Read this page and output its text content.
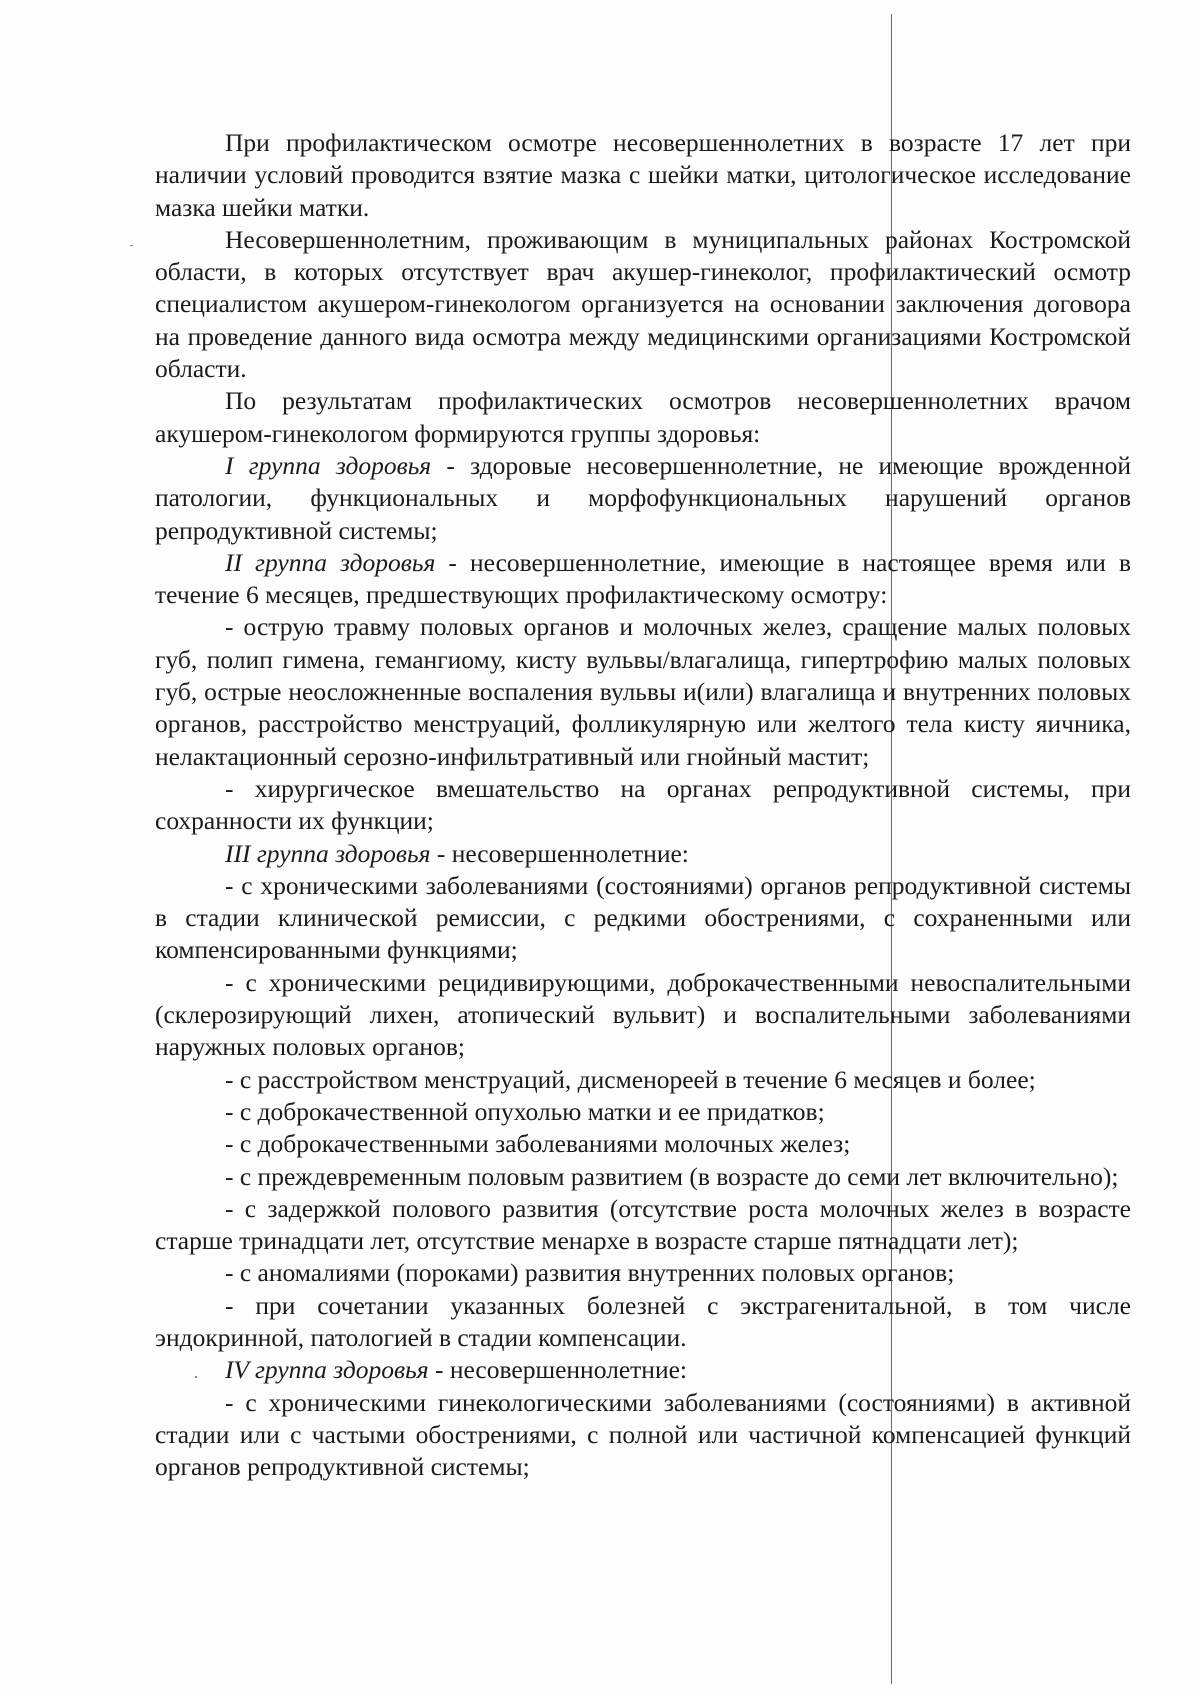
При профилактическом осмотре несовершеннолетних в возрасте 17 лет при наличии условий проводится взятие мазка с шейки матки, цитологическое исследование мазка шейки матки.

Несовершеннолетним, проживающим в муниципальных районах Костромской области, в которых отсутствует врач акушер-гинеколог, профилактический осмотр специалистом акушером-гинекологом организуется на основании заключения договора на проведение данного вида осмотра между медицинскими организациями Костромской области.

По результатам профилактических осмотров несовершеннолетних врачом акушером-гинекологом формируются группы здоровья:

I группа здоровья - здоровые несовершеннолетние, не имеющие врожденной патологии, функциональных и морфофункциональных нарушений органов репродуктивной системы;

II группа здоровья - несовершеннолетние, имеющие в настоящее время или в течение 6 месяцев, предшествующих профилактическому осмотру:

- острую травму половых органов и молочных желез, сращение малых половых губ, полип гимена, гемангиому, кисту вульвы/влагалища, гипертрофию малых половых губ, острые неосложненные воспаления вульвы и(или) влагалища и внутренних половых органов, расстройство менструаций, фолликулярную или желтого тела кисту яичника, нелактационный серозно-инфильтративный или гнойный мастит;

- хирургическое вмешательство на органах репродуктивной системы, при сохранности их функции;

III группа здоровья - несовершеннолетние:

- с хроническими заболеваниями (состояниями) органов репродуктивной системы в стадии клинической ремиссии, с редкими обострениями, с сохраненными или компенсированными функциями;

- с хроническими рецидивирующими, доброкачественными невоспалительными (склерозирующий лихен, атопический вульвит) и воспалительными заболеваниями наружных половых органов;

- с расстройством менструаций, дисменореей в течение 6 месяцев и более;

- с доброкачественной опухолью матки и ее придатков;

- с доброкачественными заболеваниями молочных желез;

- с преждевременным половым развитием (в возрасте до семи лет включительно);

- с задержкой полового развития (отсутствие роста молочных желез в возрасте старше тринадцати лет, отсутствие менархе в возрасте старше пятнадцати лет);

- с аномалиями (пороками) развития внутренних половых органов;

- при сочетании указанных болезней с экстрагенитальной, в том числе эндокринной, патологией в стадии компенсации.

IV группа здоровья - несовершеннолетние:

- с хроническими гинекологическими заболеваниями (состояниями) в активной стадии или с частыми обострениями, с полной или частичной компенсацией функций органов репродуктивной системы;
